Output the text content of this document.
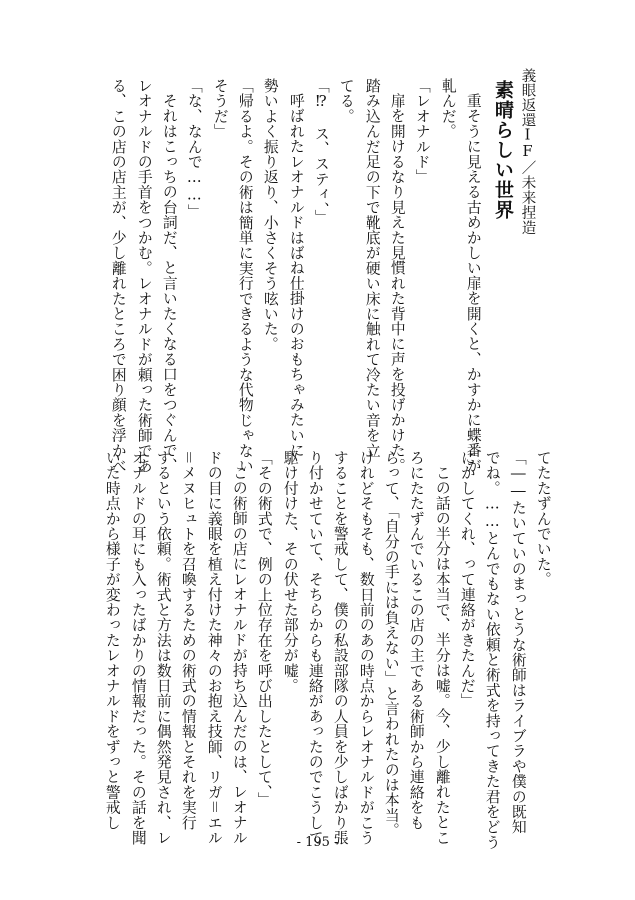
義眼返還IF／未来捏造

素晴らしい世界

重そうに見える古めかしい扉を開くと、かすかに蝶番が

軋んだ。

「レオナルド」

扉を開けるなり見えた見慣れた背中に声を投げかけた。

踏み込んだ足の下で靴底が硬い床に触れて冷たい音を立

てる。

「⁉　ス、スティ、」

呼ばれたレオナルドはばね仕掛けのおもちゃみたいに

勢いよく振り返り、小さくそう呟いた。

「帰るよ。その術は簡単に実行できるような代物じゃない

そうだ」

「な、なんで……」

それはこっちの台詞だ、と言いたくなる口をつぐんで、

レオナルドの手首をつかむ。レオナルドが頼った術師であ

る、この店の店主が、少し離れたところで困り顔を浮かべ

てたたずんでいた。

「――たいていのまっとうな術師はライブラや僕の既知

でね。……とんでもない依頼と術式を持ってきた君をどう

にかしてくれ、って連絡がきたんだ」

この話の半分は本当で、半分は嘘。今、少し離れたとこ

ろにたたずんでいるこの店の主である術師から連絡をも

らって、「自分の手には負えない」と言われたのは本当。

けれどそもそも、数日前のあの時点からレオナルドがこう

することを警戒して、僕の私設部隊の人員を少しばかり張

り付かせていて、そちらからも連絡があったのでこうして

駆け付けた、その伏せた部分が嘘。

「その術式で、例の上位存在を呼び出したとして、」

この術師の店にレオナルドが持ち込んだのは、レオナル

ドの目に義眼を植え付けた神々のお抱え技師、リガ＝エル

＝メヌヒュトを召喚するための術式の情報とそれを実行

するという依頼。術式と方法は数日前に偶然発見され、レ

オナルドの耳にも入ったばかりの情報だった。その話を聞

いた時点から様子が変わったレオナルドをずっと警戒し

- 195 -
